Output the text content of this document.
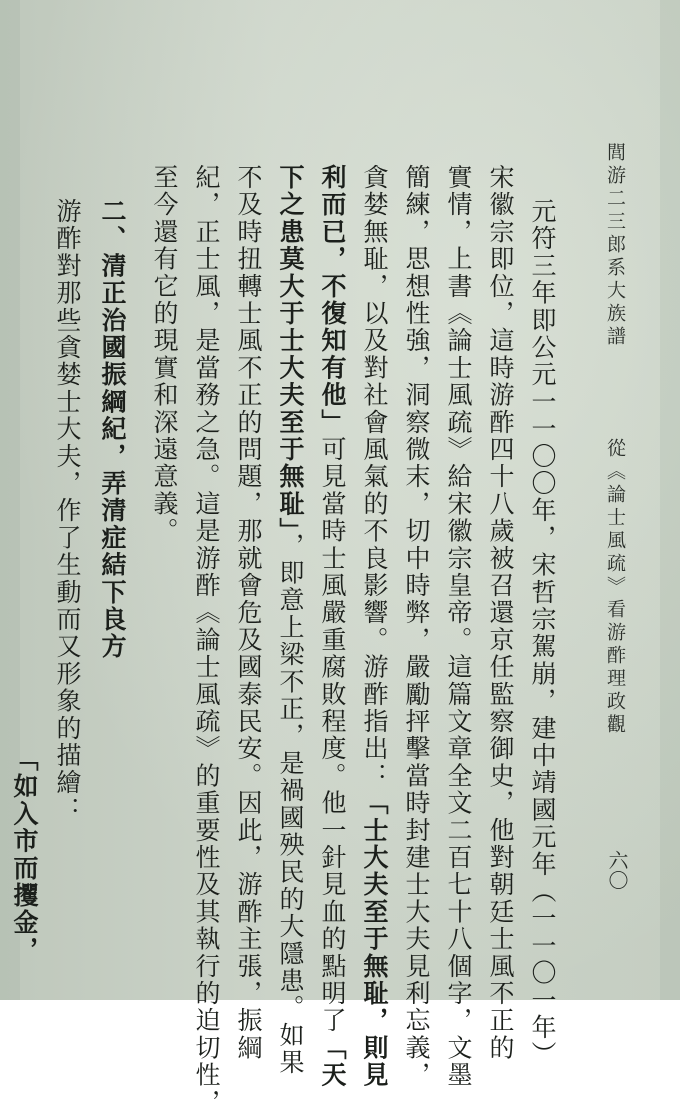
閭游二三郎系大族譜
從《論士風疏》看游酢理政觀
六〇
元符三年即公元一一〇〇年，宋哲宗駕崩，建中靖國元年（一一〇一年）
宋徽宗即位，這時游酢四十八歲被召還京任監察御史，他對朝廷士風不正的
實情，上書《論士風疏》給宋徽宗皇帝。這篇文章全文二百七十八個字，文墨
簡練，思想性強，洞察微末，切中時弊，嚴勵抨擊當時封建士大夫見利忘義，
貪婪無耻，以及對社會風氣的不良影響。游酢指出：「士大夫至于無耻，則見
利而已，不復知有他」可見當時士風嚴重腐敗程度。他一針見血的點明了「天
下之患莫大于士大夫至于無耻」，即意上梁不正，是禍國殃民的大隱患。如果
不及時扭轉士風不正的問題，那就會危及國泰民安。因此，游酢主張，振綱
紀，正士風，是當務之急。這是游酢《論士風疏》的重要性及其執行的迫切性，
至今還有它的現實和深遠意義。
二、清正治國振綱紀，弄清症結下良方
游酢對那些貪婪士大夫，作了生動而又形象的描繪：
「如入市而攫金，
